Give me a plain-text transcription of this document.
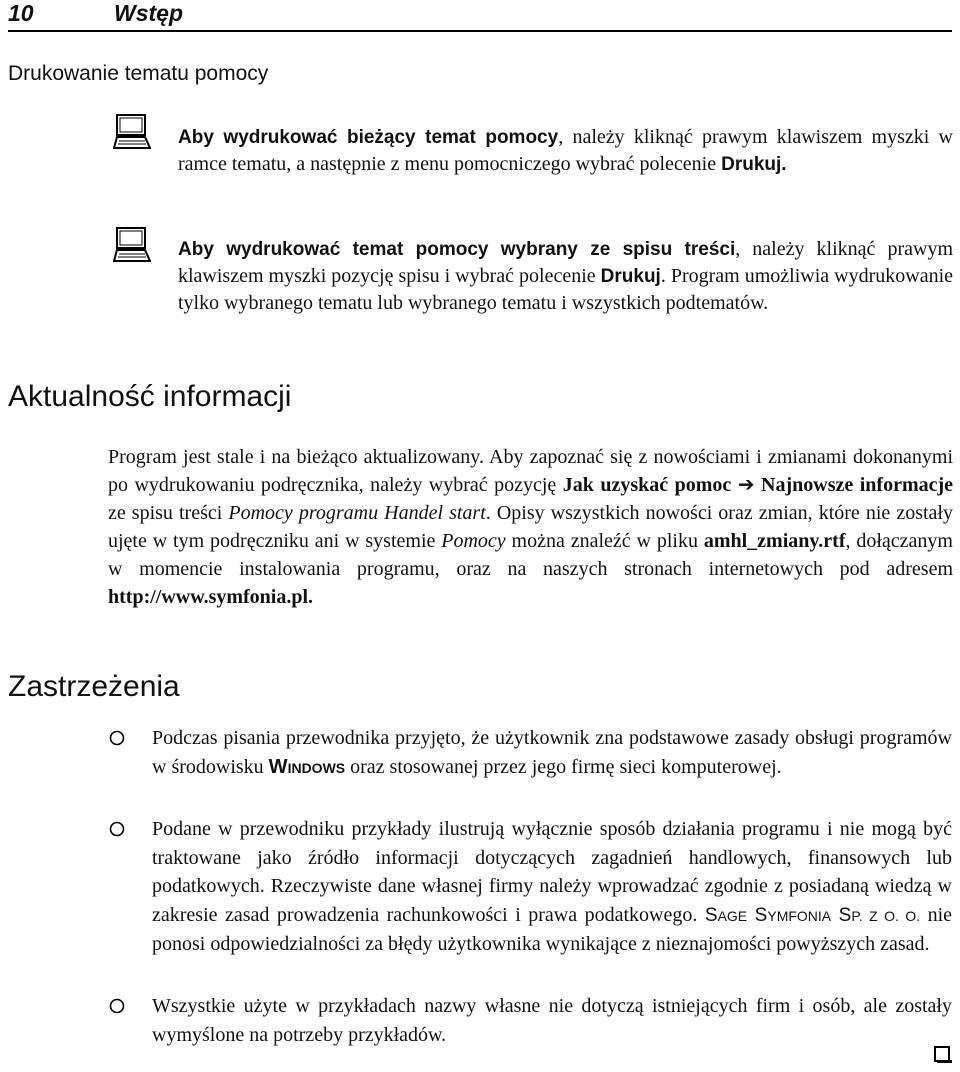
10	Wstęp
Drukowanie tematu pomocy
Aby wydrukować bieżący temat pomocy, należy kliknąć prawym klawiszem myszki w ramce tematu, a następnie z menu pomocniczego wybrać polecenie Drukuj.
Aby wydrukować temat pomocy wybrany ze spisu treści, należy kliknąć prawym klawiszem myszki pozycję spisu i wybrać polecenie Drukuj. Program umożliwia wydrukowanie tylko wybranego tematu lub wybranego tematu i wszystkich podtematów.
Aktualność informacji
Program jest stale i na bieżąco aktualizowany. Aby zapoznać się z nowościami i zmianami dokonanymi po wydrukowaniu podręcznika, należy wybrać pozycję Jak uzyskać pomoc ➔ Najnowsze informacje ze spisu treści Pomocy programu Handel start. Opisy wszystkich nowości oraz zmian, które nie zostały ujęte w tym podręczniku ani w systemie Pomocy można znaleźć w pliku amhl_zmiany.rtf, dołączanym w momencie instalowania programu, oraz na naszych stronach internetowych pod adresem http://www.symfonia.pl.
Zastrzeżenia
Podczas pisania przewodnika przyjęto, że użytkownik zna podstawowe zasady obsługi programów w środowisku WINDOWS oraz stosowanej przez jego firmę sieci komputerowej.
Podane w przewodniku przykłady ilustrują wyłącznie sposób działania programu i nie mogą być traktowane jako źródło informacji dotyczących zagadnień handlowych, finansowych lub podatkowych. Rzeczywiste dane własnej firmy należy wprowadzać zgodnie z posiadaną wiedzą w zakresie zasad prowadzenia rachunkowości i prawa podatkowego. SAGE SYMFONIA SP. Z O. O. nie ponosi odpowiedzialności za błędy użytkownika wynikające z nieznajomości powyższych zasad.
Wszystkie użyte w przykładach nazwy własne nie dotyczą istniejących firm i osób, ale zostały wymyślone na potrzeby przykładów.
